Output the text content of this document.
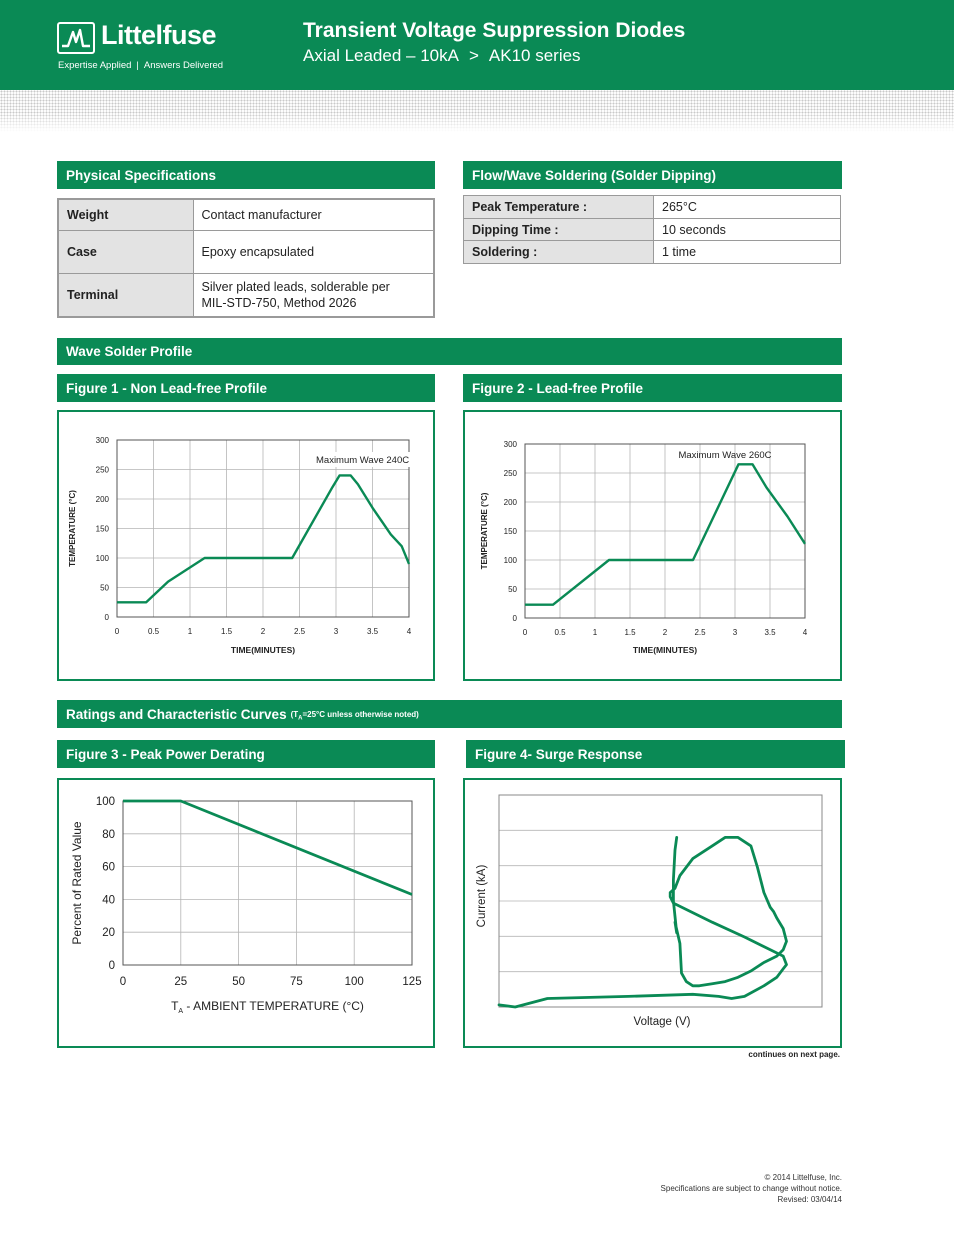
Littelfuse
Expertise Applied | Answers Delivered
Transient Voltage Suppression Diodes
Axial Leaded – 10kA > AK10 series
Physical Specifications
Weight	Contact manufacturer
Case	Epoxy encapsulated
Terminal	Silver plated leads, solderable per
MIL-STD-750, Method 2026
Flow/Wave Soldering (Solder Dipping)
Peak Temperature :	265°C
Dipping Time :	10 seconds
Soldering :	1 time
Wave Solder Profile
Figure 1 - Non Lead-free Profile	Figure 2 - Lead-free Profile
0	0.5	1	1.5	2	2.5	3	3.5	4
0
50
100
150
200
250
300
Maximum Wave 240C
TIME(MINUTES)
TEMPERATURE (°C)
0	0.5	1	1.5	2	2.5	3	3.5	4
0
50
100
150
200
250
300
Maximum Wave 260C
TIME(MINUTES)
TEMPERATURE (°C)
Ratings and Characteristic Curves ($T_A=25^\circ C$ unless otherwise noted)
Figure 3 - Peak Power Derating	Figure 4- Surge Response
0	25	50	75	100	125
0
20
40
60
80
100
$T_A$ - AMBIENT TEMPERATURE (°C)
Percent of Rated Value
Voltage (V)
Current (kA)
continues on next page.
© 2014 Littelfuse, Inc.
Specifications are subject to change without notice.
Revised: 03/04/14
